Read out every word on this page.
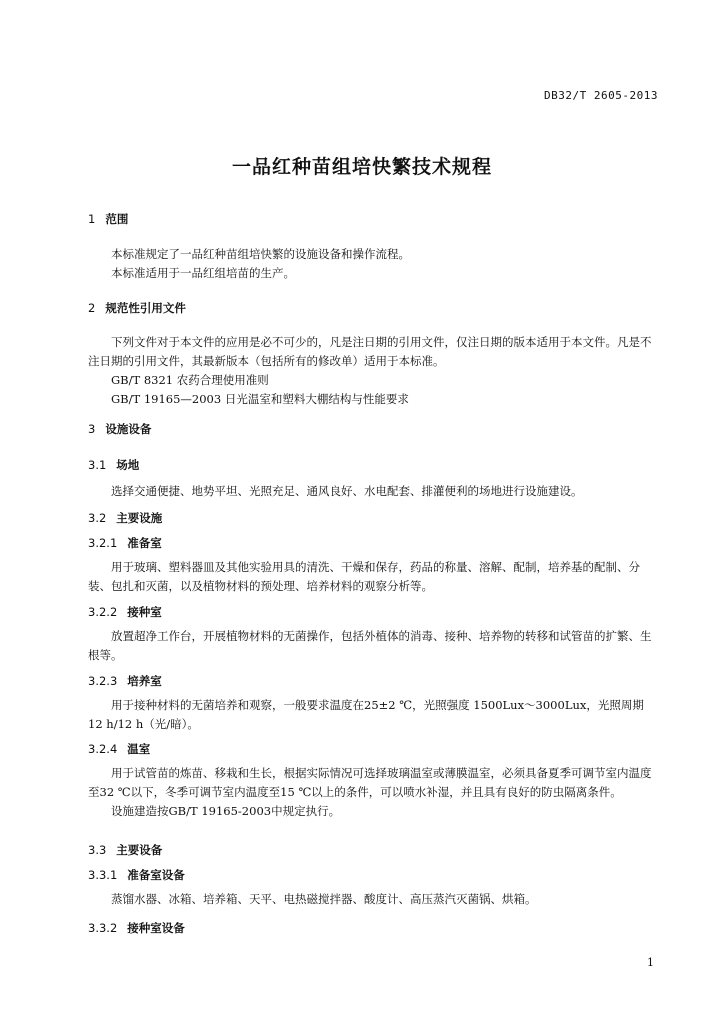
DB32/T 2605-2013
一品红种苗组培快繁技术规程
1 范围
本标准规定了一品红种苗组培快繁的设施设备和操作流程。
本标准适用于一品红组培苗的生产。
2 规范性引用文件
下列文件对于本文件的应用是必不可少的，凡是注日期的引用文件，仅注日期的版本适用于本文件。凡是不注日期的引用文件，其最新版本（包括所有的修改单）适用于本标准。
GB/T 8321 农药合理使用准则
GB/T 19165—2003 日光温室和塑料大棚结构与性能要求
3 设施设备
3.1 场地
选择交通便捷、地势平坦、光照充足、通风良好、水电配套、排灌便利的场地进行设施建设。
3.2 主要设施
3.2.1 准备室
用于玻璃、塑料器皿及其他实验用具的清洗、干燥和保存，药品的称量、溶解、配制，培养基的配制、分装、包扎和灭菌，以及植物材料的预处理、培养材料的观察分析等。
3.2.2 接种室
放置超净工作台，开展植物材料的无菌操作，包括外植体的消毒、接种、培养物的转移和试管苗的扩繁、生根等。
3.2.3 培养室
用于接种材料的无菌培养和观察，一般要求温度在25±2 ℃，光照强度 1500Lux～3000Lux，光照周期12 h/12 h（光/暗）。
3.2.4 温室
用于试管苗的炼苗、移栽和生长，根据实际情况可选择玻璃温室或薄膜温室，必须具备夏季可调节室内温度至32 ℃以下，冬季可调节室内温度至15 ℃以上的条件，可以喷水补湿，并且具有良好的防虫隔离条件。
设施建造按GB/T 19165-2003中规定执行。
3.3 主要设备
3.3.1 准备室设备
蒸馏水器、冰箱、培养箱、天平、电热磁搅拌器、酸度计、高压蒸汽灭菌锅、烘箱。
3.3.2 接种室设备
1
